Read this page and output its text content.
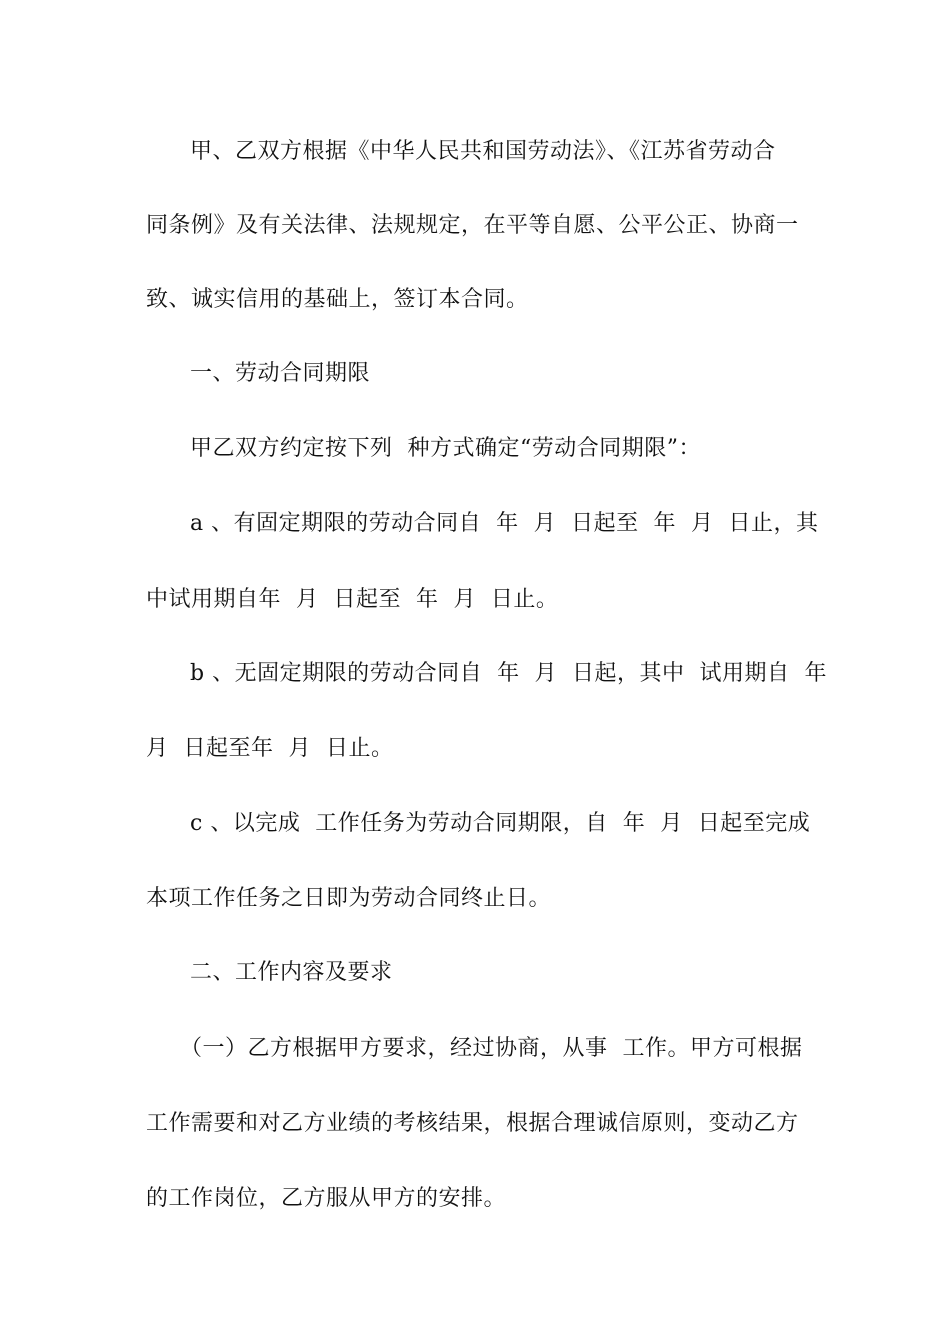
甲、乙双方根据《中华人民共和国劳动法》、《江苏省劳动合
同条例》及有关法律、法规规定，在平等自愿、公平公正、协商一
致、诚实信用的基础上，签订本合同。
一、劳动合同期限
甲乙双方约定按下列  种方式确定“劳动合同期限”：
a 、有固定期限的劳动合同自  年  月  日起至  年  月  日止，其
中试用期自年  月  日起至  年  月  日止。
b 、无固定期限的劳动合同自  年  月  日起，其中  试用期自  年
月  日起至年  月  日止。
c 、以完成  工作任务为劳动合同期限，自  年  月  日起至完成
本项工作任务之日即为劳动合同终止日。
二、工作内容及要求
（一）乙方根据甲方要求，经过协商，从事  工作。甲方可根据
工作需要和对乙方业绩的考核结果，根据合理诚信原则，变动乙方
的工作岗位，乙方服从甲方的安排。
